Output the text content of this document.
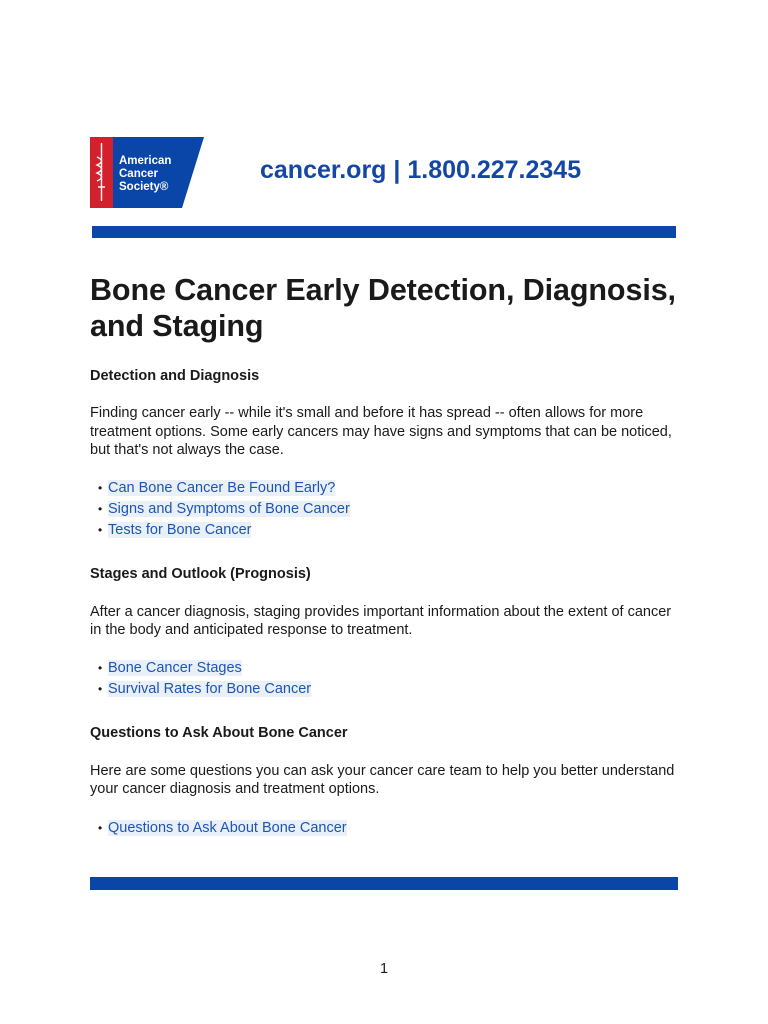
American
Cancer
Society®
cancer.org | 1.800.227.2345
Bone Cancer Early Detection, Diagnosis, and Staging
Detection and Diagnosis

Finding cancer early -- while it's small and before it has spread -- often allows for more treatment options. Some early cancers may have signs and symptoms that can be noticed, but that's not always the case.

• Can Bone Cancer Be Found Early?
• Signs and Symptoms of Bone Cancer
• Tests for Bone Cancer
Stages and Outlook (Prognosis)

After a cancer diagnosis, staging provides important information about the extent of cancer in the body and anticipated response to treatment.

• Bone Cancer Stages
• Survival Rates for Bone Cancer
Questions to Ask About Bone Cancer

Here are some questions you can ask your cancer care team to help you better understand your cancer diagnosis and treatment options.

• Questions to Ask About Bone Cancer
1
